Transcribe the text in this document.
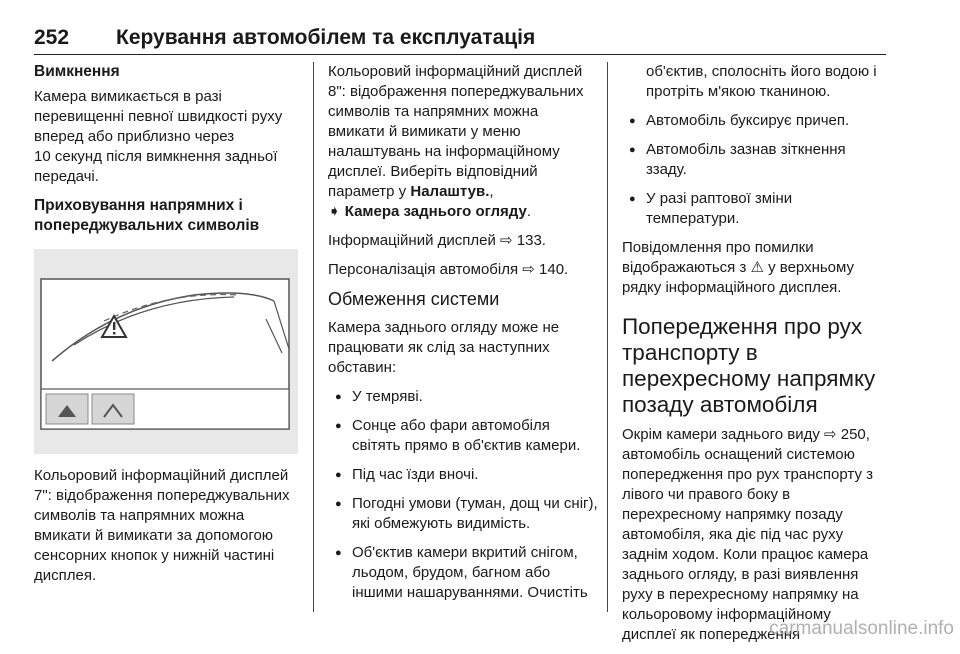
252 Керування автомобілем та експлуатація
Вимкнення

Камера вимикається в разі перевищенні певної швидкості руху вперед або приблизно через

10 секунд після вимкнення задньої передачі.

Приховування напрямних і попереджувальних символів

Кольоровий інформаційний дисплей 7": відображення попереджувальних символів та напрямних можна вмикати й вимикати за допомогою сенсорних кнопок у нижній частині дисплея.

Кольоровий інформаційний дисплей 8": відображення попереджувальних символів та напрямних можна вмикати й вимикати у меню налаштувань на інформаційному дисплеї. Виберіть відповідний параметр у Налаштув.,
➧ Камера заднього огляду.

Інформаційний дисплей ⇨ 133.

Персоналізація автомобіля ⇨ 140.

Обмеження системи

Камера заднього огляду може не працювати як слід за наступних обставин:

● У темряві.
● Сонце або фари автомобіля світять прямо в об'єктив камери.
● Під час їзди вночі.
● Погодні умови (туман, дощ чи сніг), які обмежують видимість.
● Об'єктив камери вкритий снігом, льодом, брудом, багном або іншими нашаруваннями. Очистіть

об'єктив, сполосніть його водою і протріть м'якою тканиною.

● Автомобіль буксирує причеп.
● Автомобіль зазнав зіткнення ззаду.
● У разі раптової зміни температури.

Повідомлення про помилки відображаються з ⚠ у верхньому рядку інформаційного дисплея.

Попередження про рух транспорту в перехресному напрямку позаду автомобіля

Окрім камери заднього виду ⇨ 250, автомобіль оснащений системою попередження про рух транспорту з лівого чи правого боку в перехресному напрямку позаду автомобіля, яка діє під час руху заднім ходом. Коли працює камера заднього огляду, в разі виявлення руху в перехресному напрямку на кольоровому інформаційному дисплеї як попередження

carmanualsonline.info
